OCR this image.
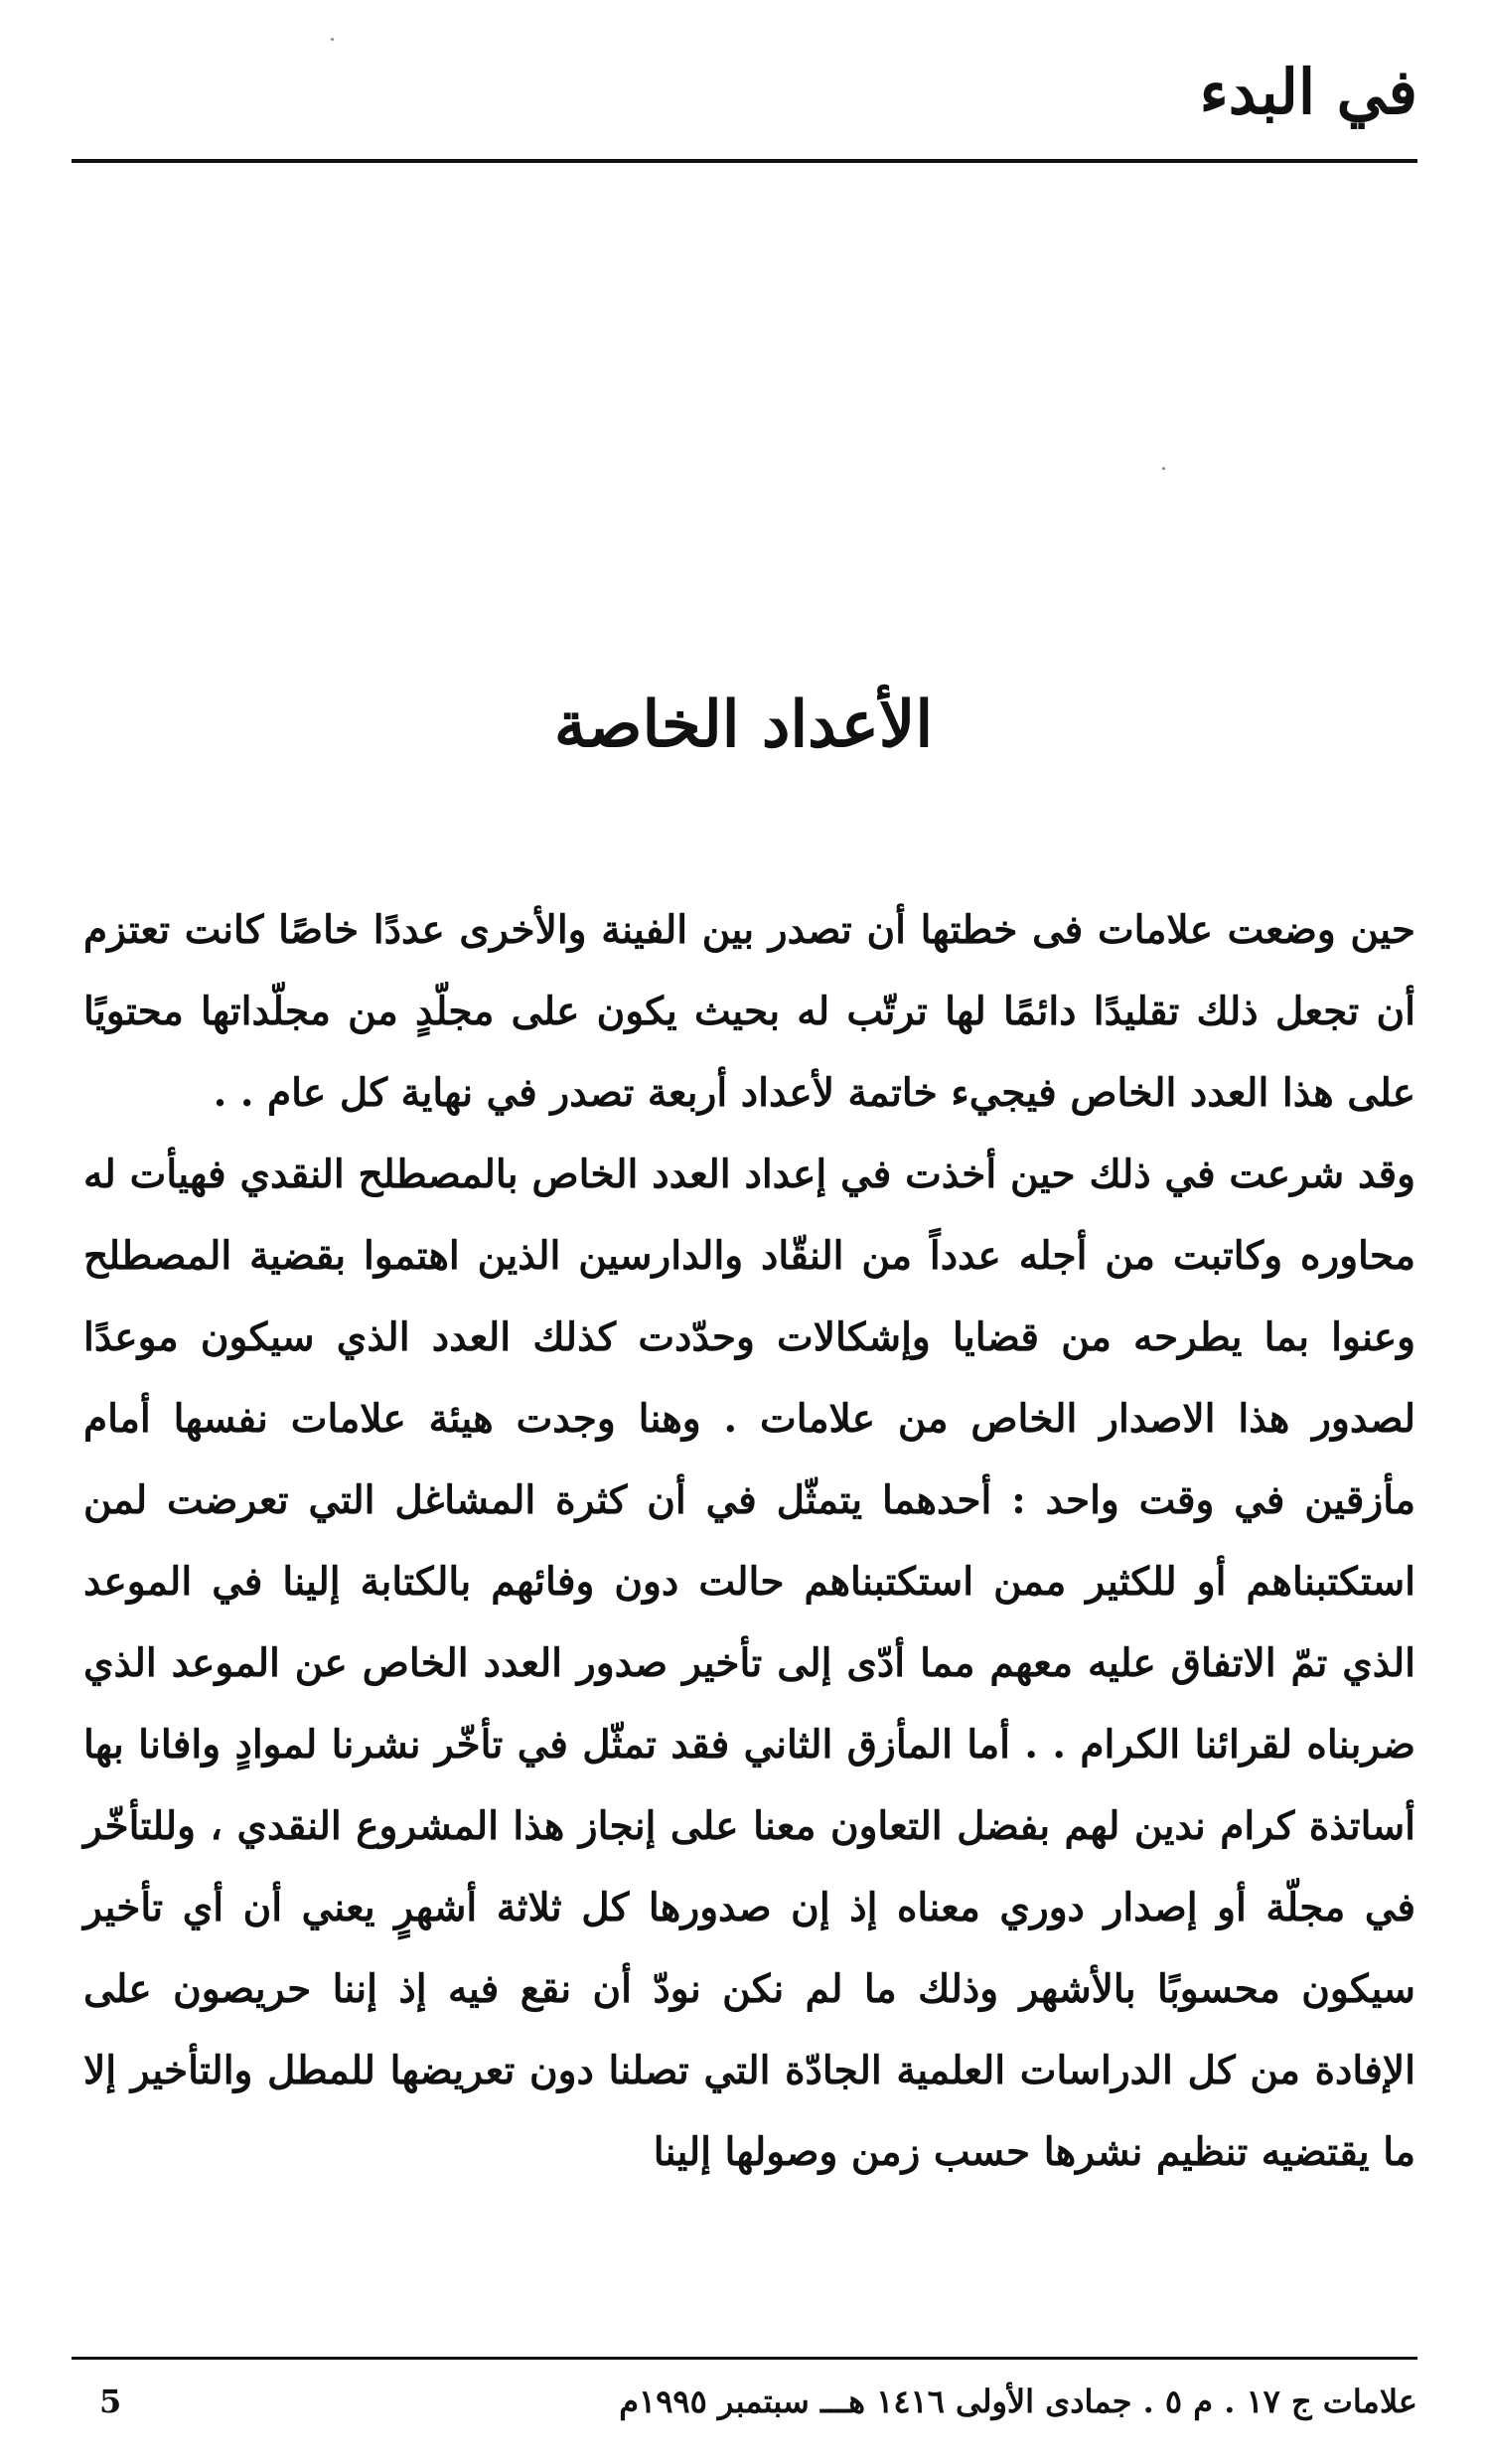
في البدء
الأعداد الخاصة

حين وضعت علامات فى خطتها أن تصدر بين الفينة والأخرى عددًا خاصًا كانت تعتزم أن تجعل ذلك تقليدًا دائمًا لها ترتّب له بحيث يكون على مجلّدٍ من مجلّداتها محتويًا على هذا العدد الخاص فيجيء خاتمة لأعداد أربعة تصدر في نهاية كل عام . .

وقد شرعت في ذلك حين أخذت في إعداد العدد الخاص بالمصطلح النقدي فهيأت له محاوره وكاتبت من أجله عدداً من النقّاد والدارسين الذين اهتموا بقضية المصطلح وعنوا بما يطرحه من قضايا وإشكالات وحدّدت كذلك العدد الذي سيكون موعدًا لصدور هذا الاصدار الخاص من علامات . وهنا وجدت هيئة علامات نفسها أمام مأزقين في وقت واحد : أحدهما يتمثّل في أن كثرة المشاغل التي تعرضت لمن استكتبناهم أو للكثير ممن استكتبناهم حالت دون وفائهم بالكتابة إلينا في الموعد الذي تمّ الاتفاق عليه معهم مما أدّى إلى تأخير صدور العدد الخاص عن الموعد الذي ضربناه لقرائنا الكرام . . أما المأزق الثاني فقد تمثّل في تأخّر نشرنا لموادٍ وافانا بها أساتذة كرام ندين لهم بفضل التعاون معنا على إنجاز هذا المشروع النقدي ، وللتأخّر في مجلّة أو إصدار دوري معناه إذ إن صدورها كل ثلاثة أشهرٍ يعني أن أي تأخير سيكون محسوبًا بالأشهر وذلك ما لم نكن نودّ أن نقع فيه إذ إننا حريصون على الإفادة من كل الدراسات العلمية الجادّة التي تصلنا دون تعريضها للمطل والتأخير إلا ما يقتضيه تنظيم نشرها حسب زمن وصولها إلينا

علامات ج ١٧ . م ٥ . جمادى الأولى ١٤١٦ هـــ سبتمبر ١٩٩٥م
5
